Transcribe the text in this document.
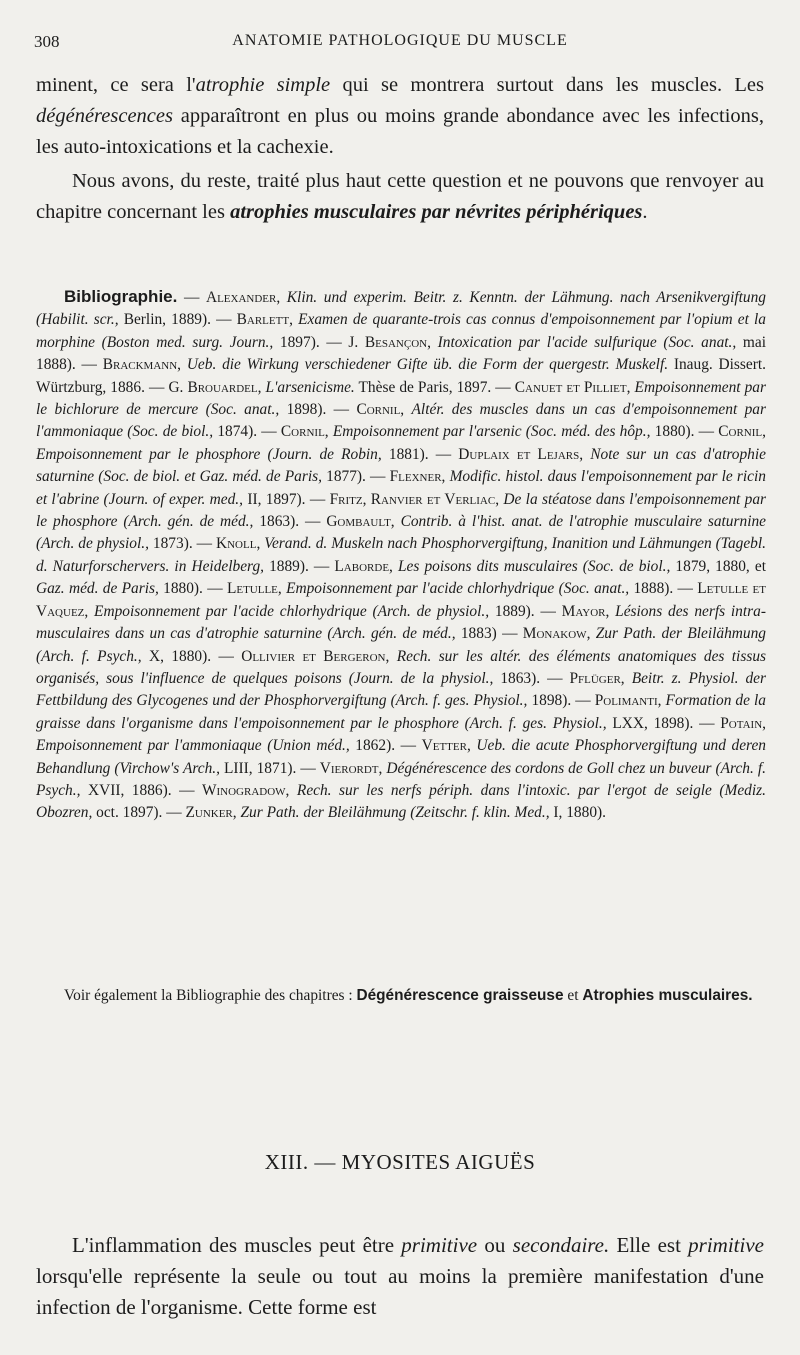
308	ANATOMIE PATHOLOGIQUE DU MUSCLE
minent, ce sera l'atrophie simple qui se montrera surtout dans les muscles. Les dégénérescences apparaîtront en plus ou moins grande abondance avec les infections, les auto-intoxications et la cachexie.
Nous avons, du reste, traité plus haut cette question et ne pouvons que renvoyer au chapitre concernant les atrophies musculaires par névrites périphériques.
Bibliographie. — Alexander, Klin. und experim. Beitr. z. Kenntn. der Lähmung. nach Arsenikvergiftung (Habilit. scr., Berlin, 1889). — Barlett, Examen de quarante-trois cas connus d'empoisonnement par l'opium et la morphine (Boston med. surg. Journ., 1897). — J. Besançon, Intoxication par l'acide sulfurique (Soc. anat., mai 1888). — Brackmann, Ueb. die Wirkung verschiedener Gifte üb. die Form der quergestr. Muskelf. Inaug. Dissert. Würtzburg, 1886. — G. Brouardel, L'arsenicisme. Thèse de Paris, 1897. — Canuet et Pilliet, Empoisonnement par le bichlorure de mercure (Soc. anat., 1898). — Cornil, Altér. des muscles dans un cas d'empoisonnement par l'ammoniaque (Soc. de biol., 1874). — Cornil, Empoisonnement par l'arsenic (Soc. méd. des hôp., 1880). — Cornil, Empoisonnement par le phosphore (Journ. de Robin, 1881). — Duplaix et Lejars, Note sur un cas d'atrophie saturnine (Soc. de biol. et Gaz. méd. de Paris, 1877). — Flexner, Modific. histol. daus l'empoisonnement par le ricin et l'abrine (Journ. of exper. med., II, 1897). — Fritz, Ranvier et Verliac, De la stéatose dans l'empoisonnement par le phosphore (Arch. gén. de méd., 1863). — Gombault, Contrib. à l'hist. anat. de l'atrophie musculaire saturnine (Arch. de physiol., 1873). — Knoll, Verand. d. Muskeln nach Phosphorvergiftung, Inanition und Lähmungen (Tagebl. d. Naturforschervers. in Heidelberg, 1889). — Laborde, Les poisons dits musculaires (Soc. de biol., 1879, 1880, et Gaz. méd. de Paris, 1880). — Letulle, Empoisonnement par l'acide chlorhydrique (Soc. anat., 1888). — Letulle et Vaquez, Empoisonnement par l'acide chlorhydrique (Arch. de physiol., 1889). — Mayor, Lésions des nerfs intra-musculaires dans un cas d'atrophie saturnine (Arch. gén. de méd., 1883) — Monakow, Zur Path. der Bleilähmung (Arch. f. Psych., X, 1880). — Ollivier et Bergeron, Rech. sur les altér. des éléments anatomiques des tissus organisés, sous l'influence de quelques poisons (Journ. de la physiol., 1863). — Pflüger, Beitr. z. Physiol. der Fettbildung des Glycogenes und der Phosphorvergiftung (Arch. f. ges. Physiol., 1898). — Polimanti, Formation de la graisse dans l'organisme dans l'empoisonnement par le phosphore (Arch. f. ges. Physiol., LXX, 1898). — Potain, Empoisonnement par l'ammoniaque (Union méd., 1862). — Vetter, Ueb. die acute Phosphorvergiftung und deren Behandlung (Virchow's Arch., LIII, 1871). — Vierordt, Dégénérescence des cordons de Goll chez un buveur (Arch. f. Psych., XVII, 1886). — Winogradow, Rech. sur les nerfs périph. dans l'intoxic. par l'ergot de seigle (Mediz. Obozren, oct. 1897). — Zunker, Zur Path. der Bleilähmung (Zeitschr. f. klin. Med., I, 1880).
Voir également la Bibliographie des chapitres : Dégénérescence graisseuse et Atrophies musculaires.
XIII. — MYOSITES AIGUËS
L'inflammation des muscles peut être primitive ou secondaire. Elle est primitive lorsqu'elle représente la seule ou tout au moins la première manifestation d'une infection de l'organisme. Cette forme est
